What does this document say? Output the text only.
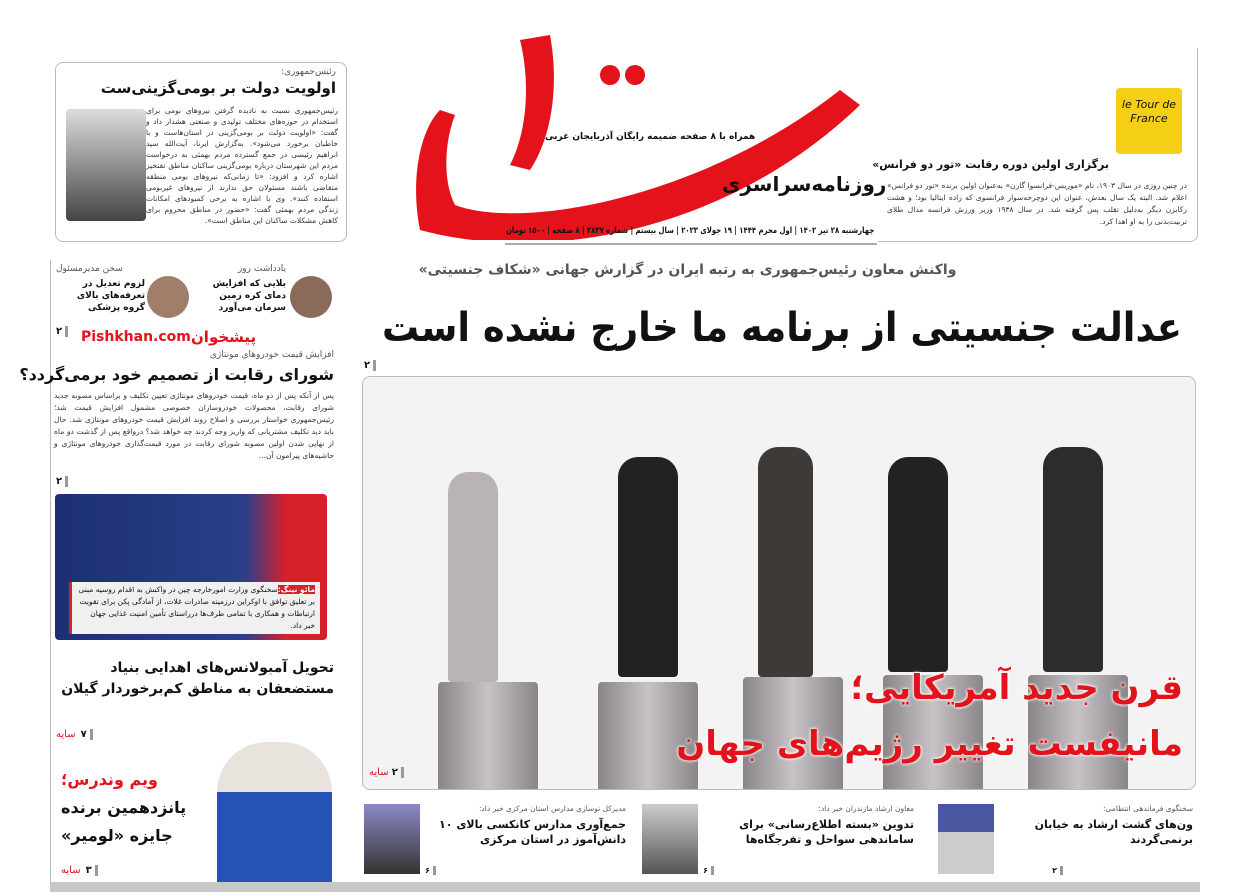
رئیس‌جمهوری:
اولویت دولت بر بومی‌گزینی‌ست
رئیس‌جمهوری نسبت به نادیده گرفتن نیروهای بومی برای استخدام در حوزه‌های مختلف تولیدی و صنعتی هشدار داد و گفت: «اولویت دولت بر بومی‌گزینی در استان‌هاست و با خاطیان برخورد می‌شود». به‌گزارش ایرنا، آیت‌الله سید ابراهیم رئیسی در جمع گسترده مردم بهمئی به درخواست مردم این شهرستان درباره بومی‌گزینی ساکنان مناطق نفتخیز اشاره کرد و افزود: «تا زمانی‌که نیروهای بومی منطقه متقاضی باشند مسئولان حق ندارند از نیروهای غیربومی استفاده کنند». وی با اشاره به برخی کمبودهای امکانات زندگی مردم بهمئی گفت: «حضور در مناطق محروم برای کاهش مشکلات ساکنان این مناطق است».
همراه با ۸ صفحه ضمیمه رایگان آذربایجان غربی
روزنامه‌سراسری
چهارشنبه ۲۸ تیر ۱۴۰۲ | اول محرم ۱۴۴۴ | ۱۹ جولای ۲۰۲۳ | سال بیستم | شماره ۲۸۳۷ | ۸ صفحه | ۱۵۰۰ تومان
le Tour de France
برگزاری اولین دوره رقابت «تور دو فرانس»
در چنین روزی در سال ۱۹۰۳، نام «موریس-فرانسوا گارن» به‌عنوان اولین برنده «تور دو فرانس» اعلام شد. البته یک سال بعدش، عنوان این دوچرخه‌سوار فرانسوی که زاده ایتالیا بود؛ و هشت رکابزن دیگر به‌دلیل تقلب پس گرفته شد. در سال ۱۹۳۸ وزیر ورزش فرانسه مدال طلای تربیت‌بدنی را به او اهدا کرد.
واکنش معاون رئیس‌جمهوری به رتبه ایران در گزارش جهانی «شکاف جنسیتی»
عدالت جنسیتی از برنامه ما خارج نشده است
۲
قرن جدید آمریکایی؛
مانیفست تغییر رژیم‌های جهان
۲ سایه
یادداشت روز
بلایی که افزایش دمای کره زمین سرمان می‌آورد
سخن مدیرمسئول
لزوم تعدیل در تعرفه‌های بالای گروه پزشکی
۲	پیشخوان
Pishkhan.com
افزایش قیمت خودروهای مونتاژی
شورای رقابت از تصمیم خود برمی‌گردد؟
پس از آنکه پس از دو ماه، قیمت خودروهای مونتاژی تعیین تکلیف و براساس مصوبه جدید شورای رقابت، محصولات خودروسازان خصوصی مشمول افزایش قیمت شد؛ رئیس‌جمهوری خواستار بررسی و اصلاح روند افزایش قیمت خودروهای مونتاژی شد. حال باید دید تکلیف مشتریانی که واریز وجه کردند چه خواهد شد؟ درواقع پس از گذشت دو ماه از نهایی شدن اولین مصوبه شورای رقابت در مورد قیمت‌گذاری خودروهای مونتاژی و حاشیه‌های پیرامون آن...
۲
مائو نینگ:سخنگوی وزارت امورخارجه چین در واکنش به اقدام روسیه مبنی بر تعلیق توافق با اوکراین درزمینه صادرات غلات، از آمادگی پکن برای تقویت ارتباطات و همکاری با تمامی طرف‌ها درراستای تأمین امنیت غذایی جهان خبر داد.
تحویل آمبولانس‌های اهدایی بنیاد مستضعفان به مناطق کم‌برخوردار گیلان
۷ سایه
ویم وندرس؛
پانزدهمین برنده
جایزه «لومیر»
۳ سایه
سخنگوی فرماندهی انتظامی:
ون‌های گشت ارشاد به خیابان برنمی‌گردند
۲
معاون ارشاد مازندران خبر داد:
تدوین «بسته اطلاع‌رسانی» برای ساماندهی سواحل و تفرجگاه‌ها
۶
مدیرکل نوسازی مدارس استان مرکزی خبر داد:
جمع‌آوری مدارس کانکسی بالای ۱۰ دانش‌آموز در استان مرکزی
۶
